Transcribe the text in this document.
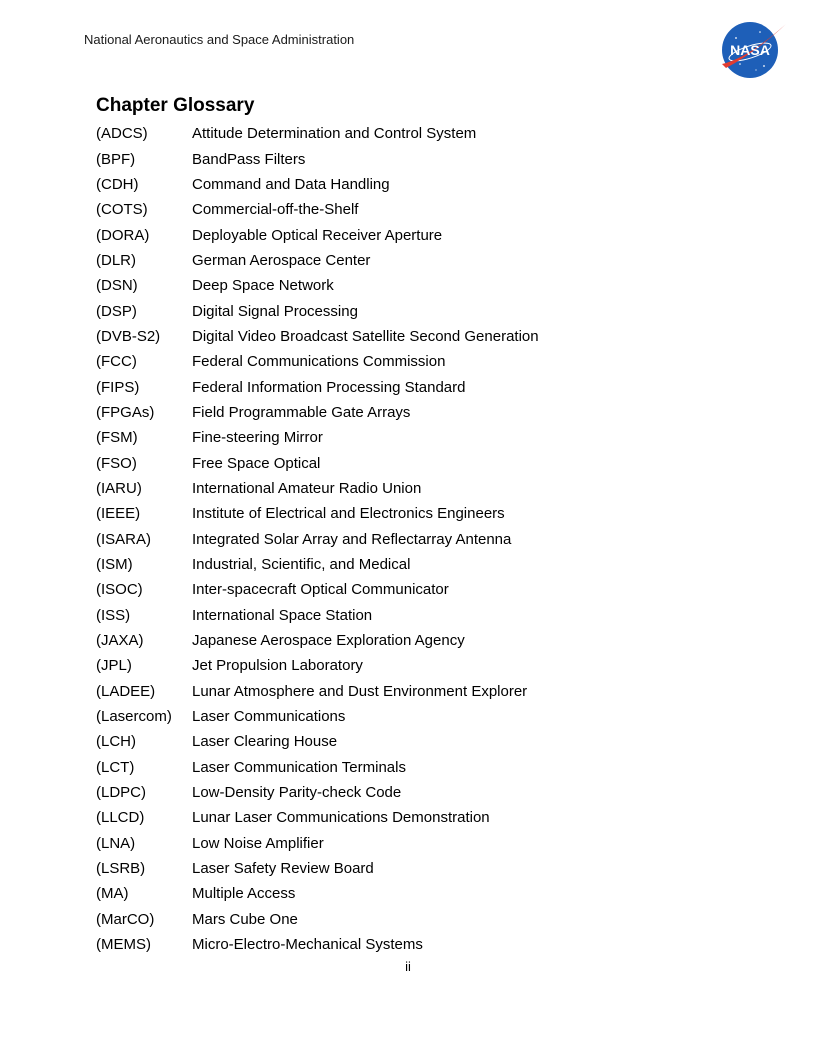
National Aeronautics and Space Administration
NASA
Chapter Glossary
(ADCS)	Attitude Determination and Control System
(BPF)	BandPass Filters
(CDH)	Command and Data Handling
(COTS)	Commercial-off-the-Shelf
(DORA)	Deployable Optical Receiver Aperture
(DLR)	German Aerospace Center
(DSN)	Deep Space Network
(DSP)	Digital Signal Processing
(DVB-S2)	Digital Video Broadcast Satellite Second Generation
(FCC)	Federal Communications Commission
(FIPS)	Federal Information Processing Standard
(FPGAs)	Field Programmable Gate Arrays
(FSM)	Fine-steering Mirror
(FSO)	Free Space Optical
(IARU)	International Amateur Radio Union
(IEEE)	Institute of Electrical and Electronics Engineers
(ISARA)	Integrated Solar Array and Reflectarray Antenna
(ISM)	Industrial, Scientific, and Medical
(ISOC)	Inter-spacecraft Optical Communicator
(ISS)	International Space Station
(JAXA)	Japanese Aerospace Exploration Agency
(JPL)	Jet Propulsion Laboratory
(LADEE)	Lunar Atmosphere and Dust Environment Explorer
(Lasercom)	Laser Communications
(LCH)	Laser Clearing House
(LCT)	Laser Communication Terminals
(LDPC)	Low-Density Parity-check Code
(LLCD)	Lunar Laser Communications Demonstration
(LNA)	Low Noise Amplifier
(LSRB)	Laser Safety Review Board
(MA)	Multiple Access
(MarCO)	Mars Cube One
(MEMS)	Micro-Electro-Mechanical Systems
ii
